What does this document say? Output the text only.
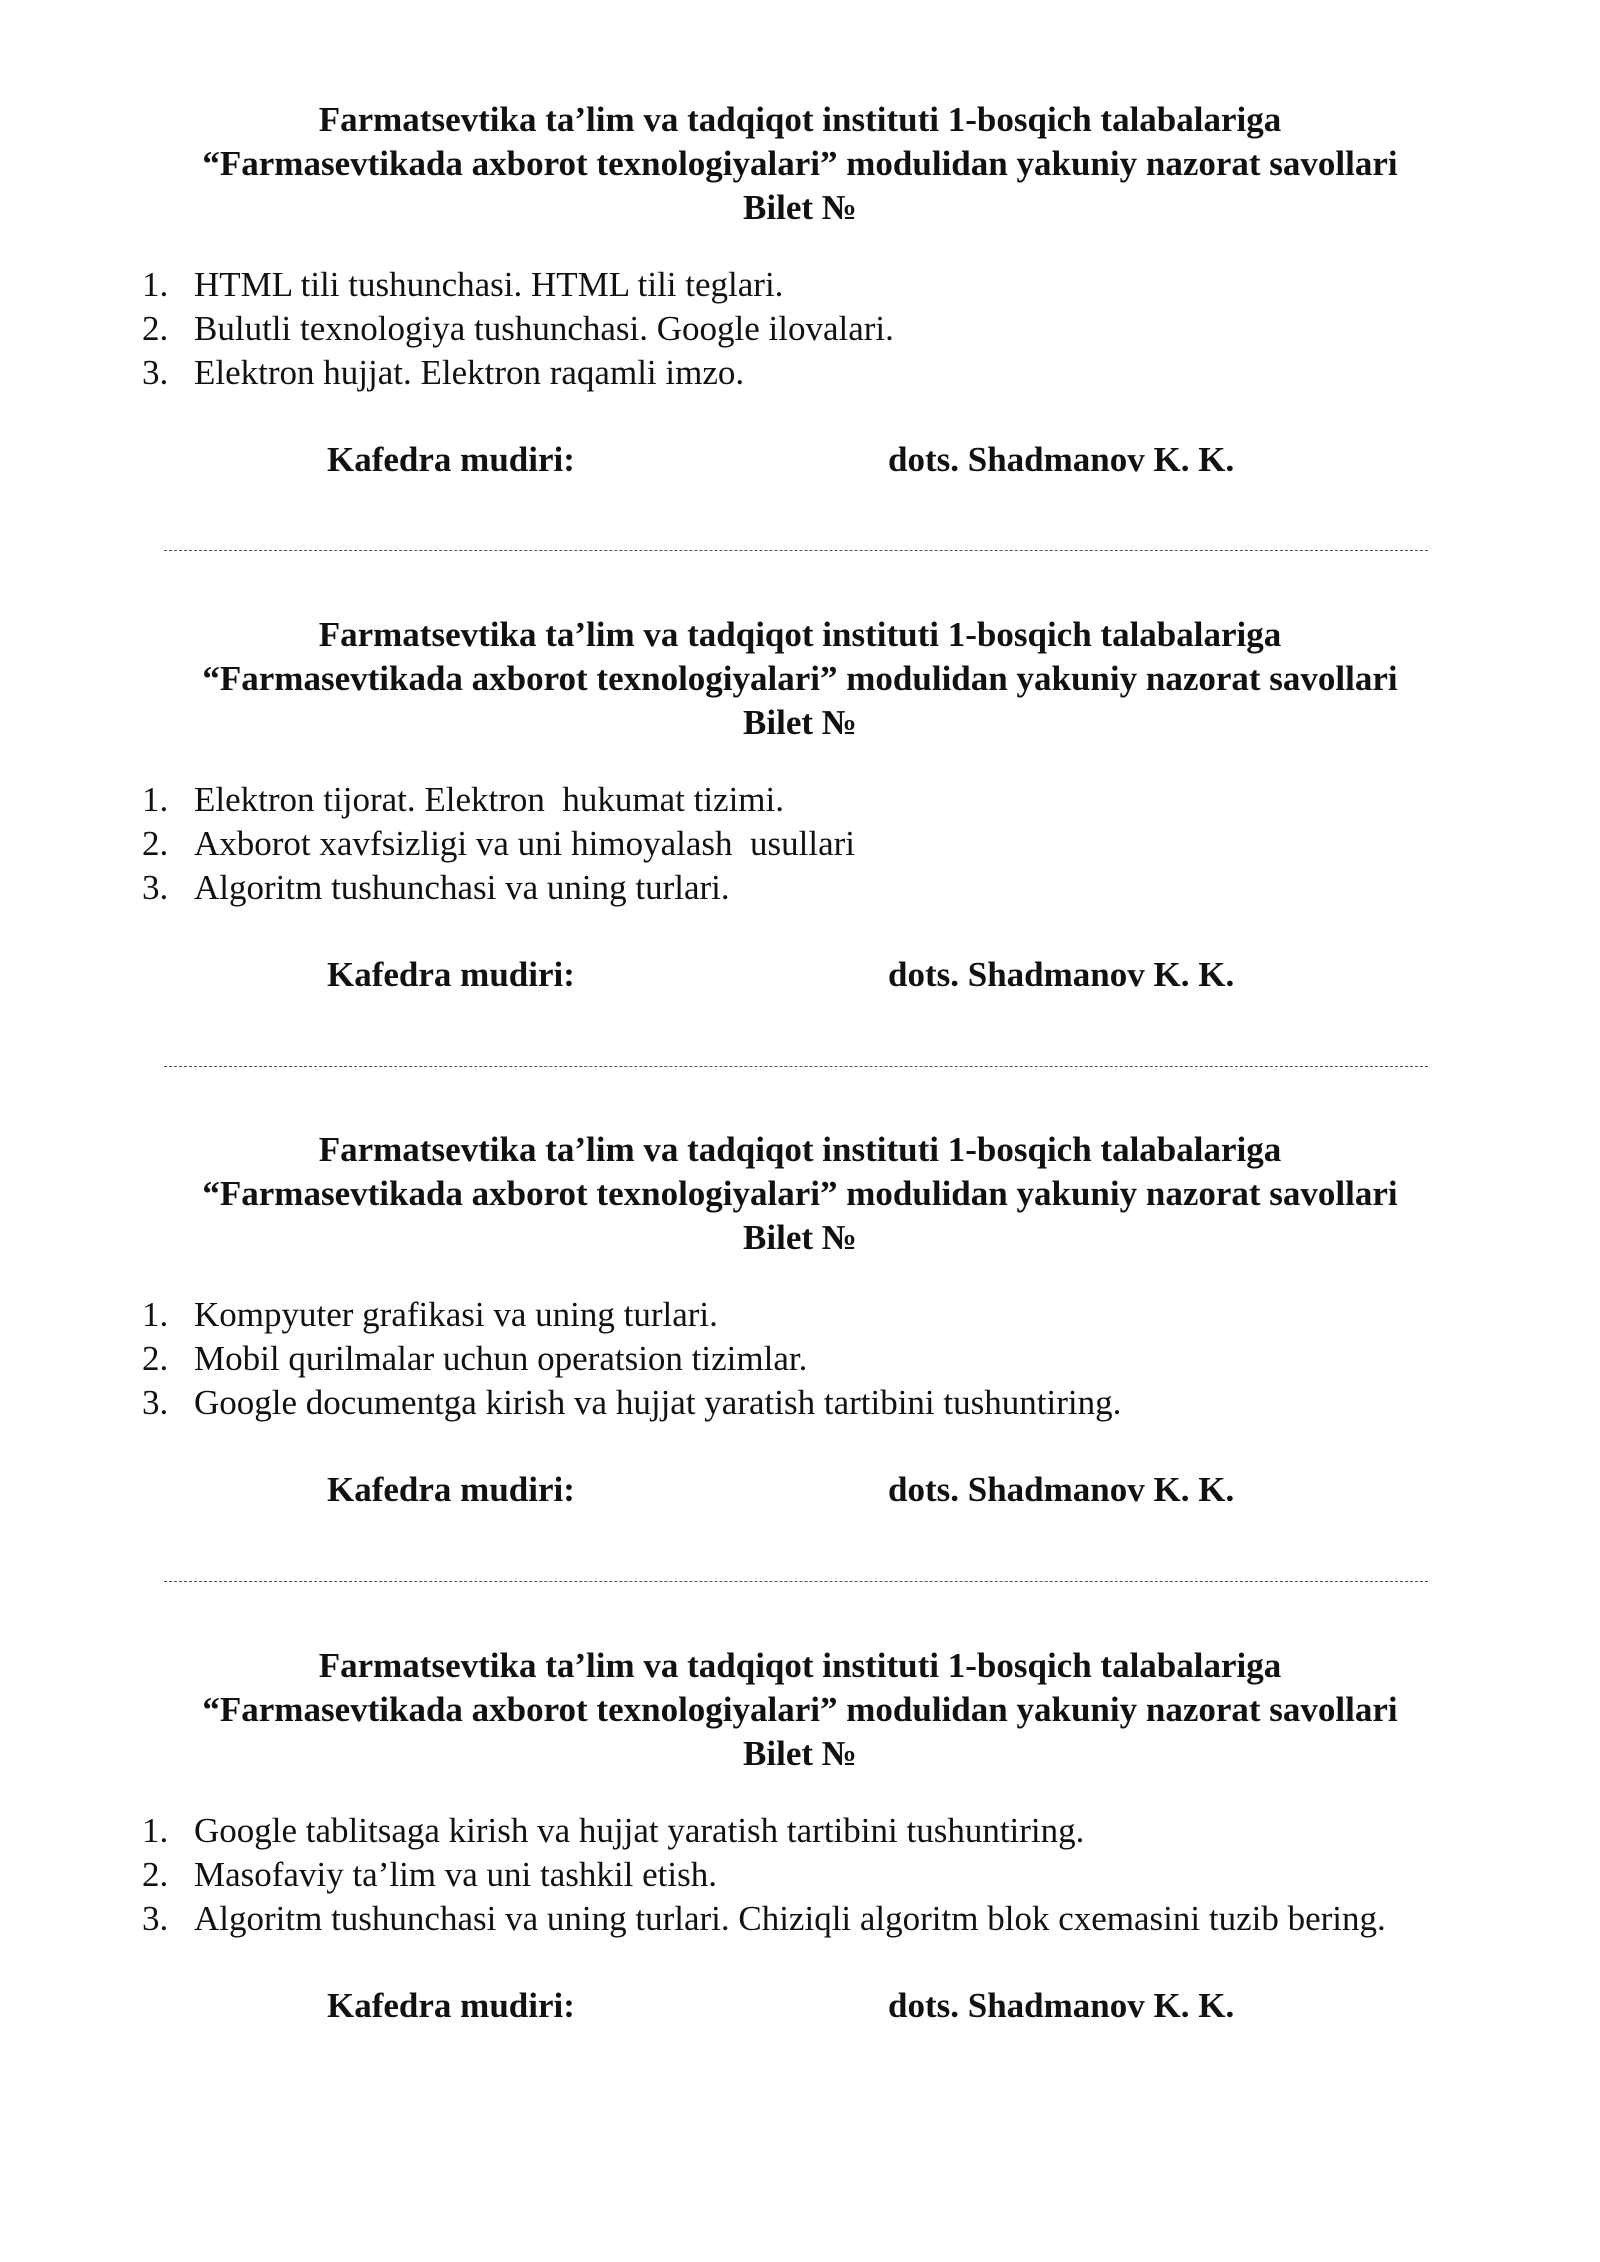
Farmatsevtika ta’lim va tadqiqot instituti 1-bosqich talabalariga
“Farmasevtikada axborot texnologiyalari” modulidan yakuniy nazorat savollari
Bilet №
1. HTML tili tushunchasi. HTML tili teglari.
2. Bulutli texnologiya tushunchasi. Google ilovalari.
3. Elektron hujjat. Elektron raqamli imzo.
Kafedra mudiri:	dots. Shadmanov K. K.
Farmatsevtika ta’lim va tadqiqot instituti 1-bosqich talabalariga
“Farmasevtikada axborot texnologiyalari” modulidan yakuniy nazorat savollari
Bilet №
1. Elektron tijorat. Elektron  hukumat tizimi.
2. Axborot xavfsizligi va uni himoyalash  usullari
3. Algoritm tushunchasi va uning turlari.
Kafedra mudiri:	dots. Shadmanov K. K.
Farmatsevtika ta’lim va tadqiqot instituti 1-bosqich talabalariga
“Farmasevtikada axborot texnologiyalari” modulidan yakuniy nazorat savollari
Bilet №
1. Kompyuter grafikasi va uning turlari.
2. Mobil qurilmalar uchun operatsion tizimlar.
3. Google documentga kirish va hujjat yaratish tartibini tushuntiring.
Kafedra mudiri:	dots. Shadmanov K. K.
Farmatsevtika ta’lim va tadqiqot instituti 1-bosqich talabalariga
“Farmasevtikada axborot texnologiyalari” modulidan yakuniy nazorat savollari
Bilet №
1. Google tablitsaga kirish va hujjat yaratish tartibini tushuntiring.
2. Masofaviy ta’lim va uni tashkil etish.
3. Algoritm tushunchasi va uning turlari. Chiziqli algoritm blok cxemasini tuzib bering.
Kafedra mudiri:	dots. Shadmanov K. K.
